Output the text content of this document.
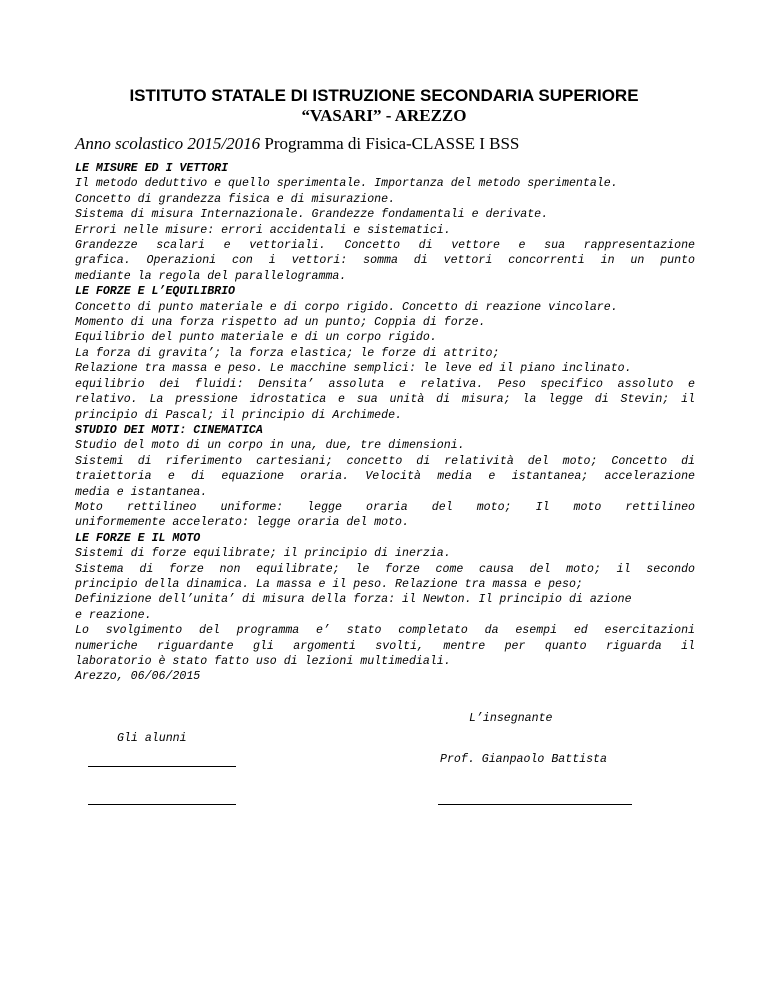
ISTITUTO STATALE DI ISTRUZIONE SECONDARIA SUPERIORE
“VASARI” - AREZZO
Anno scolastico 2015/2016 Programma di Fisica-CLASSE I BSS
LE MISURE ED I VETTORI
Il metodo deduttivo e quello sperimentale. Importanza del metodo sperimentale.
Concetto di grandezza fisica e di misurazione.
Sistema di misura Internazionale. Grandezze fondamentali e derivate.
Errori nelle misure: errori accidentali e sistematici.
Grandezze scalari e vettoriali. Concetto di vettore e sua rappresentazione
grafica. Operazioni con i vettori: somma di vettori concorrenti in un punto
mediante la regola del parallelogramma.
LE FORZE E L’EQUILIBRIO
Concetto di punto materiale e di corpo rigido. Concetto di reazione vincolare.
Momento di una forza rispetto ad un punto; Coppia di forze.
Equilibrio del punto materiale e di un corpo rigido.
La forza di gravita’; la forza elastica; le forze di attrito;
Relazione tra massa e peso. Le macchine semplici: le leve ed il piano inclinato.
equilibrio dei fluidi: Densita’ assoluta e relativa. Peso specifico assoluto e
relativo. La pressione idrostatica e sua unità di misura; la legge di Stevin; il
principio di Pascal; il principio di Archimede.
STUDIO DEI MOTI: CINEMATICA
Studio del moto di un corpo in una, due, tre dimensioni.
Sistemi di riferimento cartesiani; concetto di relatività del moto; Concetto di
traiettoria e di equazione oraria. Velocità media e istantanea; accelerazione
media e istantanea.
Moto rettilineo uniforme: legge oraria del moto; Il moto rettilineo
uniformemente accelerato: legge oraria del moto.
LE FORZE E IL MOTO
Sistemi di forze equilibrate; il principio di inerzia.
Sistema di forze non equilibrate; le forze come causa del moto; il secondo
principio della dinamica. La massa e il peso. Relazione tra massa e peso;
Definizione dell’unita’ di misura della forza: il Newton. Il principio di azione
e reazione.
Lo svolgimento del programma e’ stato completato da esempi ed esercitazioni
numeriche riguardante gli argomenti svolti, mentre per quanto riguarda il
laboratorio è stato fatto uso di lezioni multimediali.
Arezzo, 06/06/2015
L’insegnante
Gli alunni
Prof. Gianpaolo Battista
